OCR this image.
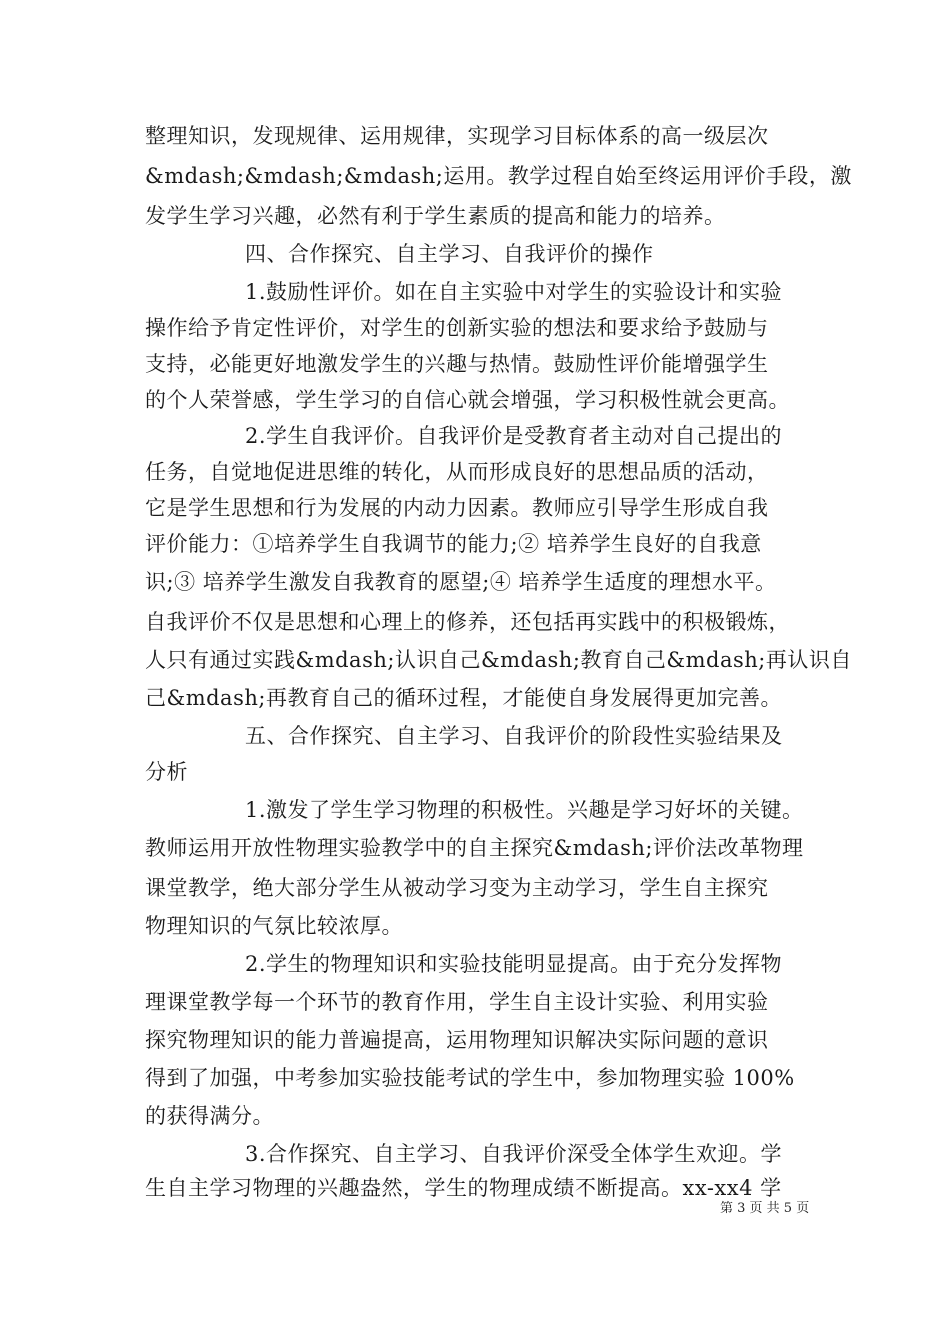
整理知识，发现规律、运用规律，实现学习目标体系的高一级层次
&mdash;&mdash;&mdash;运用。教学过程自始至终运用评价手段，激
发学生学习兴趣，必然有利于学生素质的提高和能力的培养。
四、合作探究、自主学习、自我评价的操作
1.鼓励性评价。如在自主实验中对学生的实验设计和实验
操作给予肯定性评价，对学生的创新实验的想法和要求给予鼓励与
支持，必能更好地激发学生的兴趣与热情。鼓励性评价能增强学生
的个人荣誉感，学生学习的自信心就会增强，学习积极性就会更高。
2.学生自我评价。自我评价是受教育者主动对自己提出的
任务，自觉地促进思维的转化，从而形成良好的思想品质的活动，
它是学生思想和行为发展的内动力因素。教师应引导学生形成自我
评价能力：①培养学生自我调节的能力;② 培养学生良好的自我意
识;③ 培养学生激发自我教育的愿望;④ 培养学生适度的理想水平。
自我评价不仅是思想和心理上的修养，还包括再实践中的积极锻炼，
人只有通过实践&mdash;认识自己&mdash;教育自己&mdash;再认识自
己&mdash;再教育自己的循环过程，才能使自身发展得更加完善。
五、合作探究、自主学习、自我评价的阶段性实验结果及
分析
1.激发了学生学习物理的积极性。兴趣是学习好坏的关键。
教师运用开放性物理实验教学中的自主探究&mdash;评价法改革物理
课堂教学，绝大部分学生从被动学习变为主动学习，学生自主探究
物理知识的气氛比较浓厚。
2.学生的物理知识和实验技能明显提高。由于充分发挥物
理课堂教学每一个环节的教育作用，学生自主设计实验、利用实验
探究物理知识的能力普遍提高，运用物理知识解决实际问题的意识
得到了加强，中考参加实验技能考试的学生中，参加物理实验 100%
的获得满分。
3.合作探究、自主学习、自我评价深受全体学生欢迎。学
生自主学习物理的兴趣盎然，学生的物理成绩不断提高。xx-xx4 学
第 3 页 共 5 页
